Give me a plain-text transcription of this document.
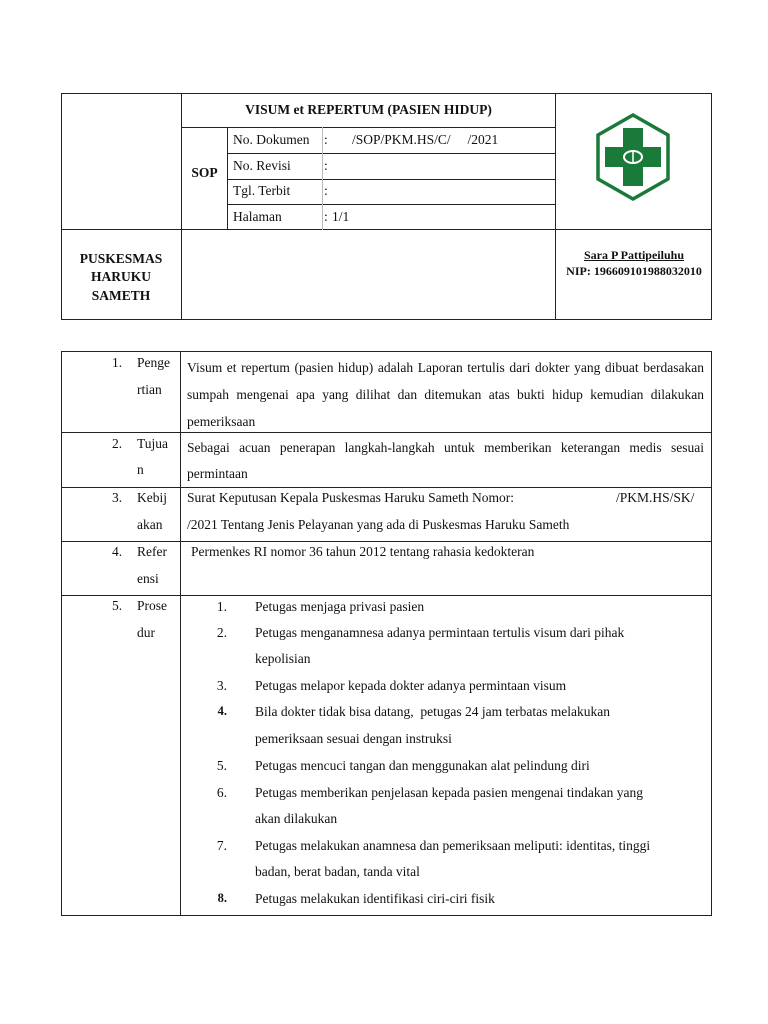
VISUM et REPERTUM (PASIEN HIDUP)
SOP
No. Dokumen : /SOP/PKM.HS/C/     /2021
No. Revisi :
Tgl. Terbit :
Halaman	: 1/1
PUSKESMAS
HARUKU
SAMETH
Sara P Pattipeiluhu
NIP: 196609101988032010
1. Penge
rtian
Visum et repertum (pasien hidup) adalah Laporan tertulis dari dokter yang dibuat berdasakan sumpah mengenai apa yang dilihat dan ditemukan atas bukti hidup kemudian dilakukan pemeriksaan
2. Tujua
n
Sebagai acuan penerapan langkah-langkah untuk memberikan keterangan medis sesuai permintaan
3. Kebij
akan
Surat Keputusan Kepala Puskesmas Haruku Sameth Nomor:	/PKM.HS/SK/
/2021 Tentang Jenis Pelayanan yang ada di Puskesmas Haruku Sameth
4. Refer
ensi
Permenkes RI nomor 36 tahun 2012 tentang rahasia kedokteran
5. Prose
dur
1. Petugas menjaga privasi pasien
2. Petugas menganamnesa adanya permintaan tertulis visum dari pihak
kepolisian
3. Petugas melapor kepada dokter adanya permintaan visum
4. Bila dokter tidak bisa datang,  petugas 24 jam terbatas melakukan
pemeriksaan sesuai dengan instruksi
5. Petugas mencuci tangan dan menggunakan alat pelindung diri
6. Petugas memberikan penjelasan kepada pasien mengenai tindakan yang
akan dilakukan
7. Petugas melakukan anamnesa dan pemeriksaan meliputi: identitas, tinggi
badan, berat badan, tanda vital
8. Petugas melakukan identifikasi ciri-ciri fisik
